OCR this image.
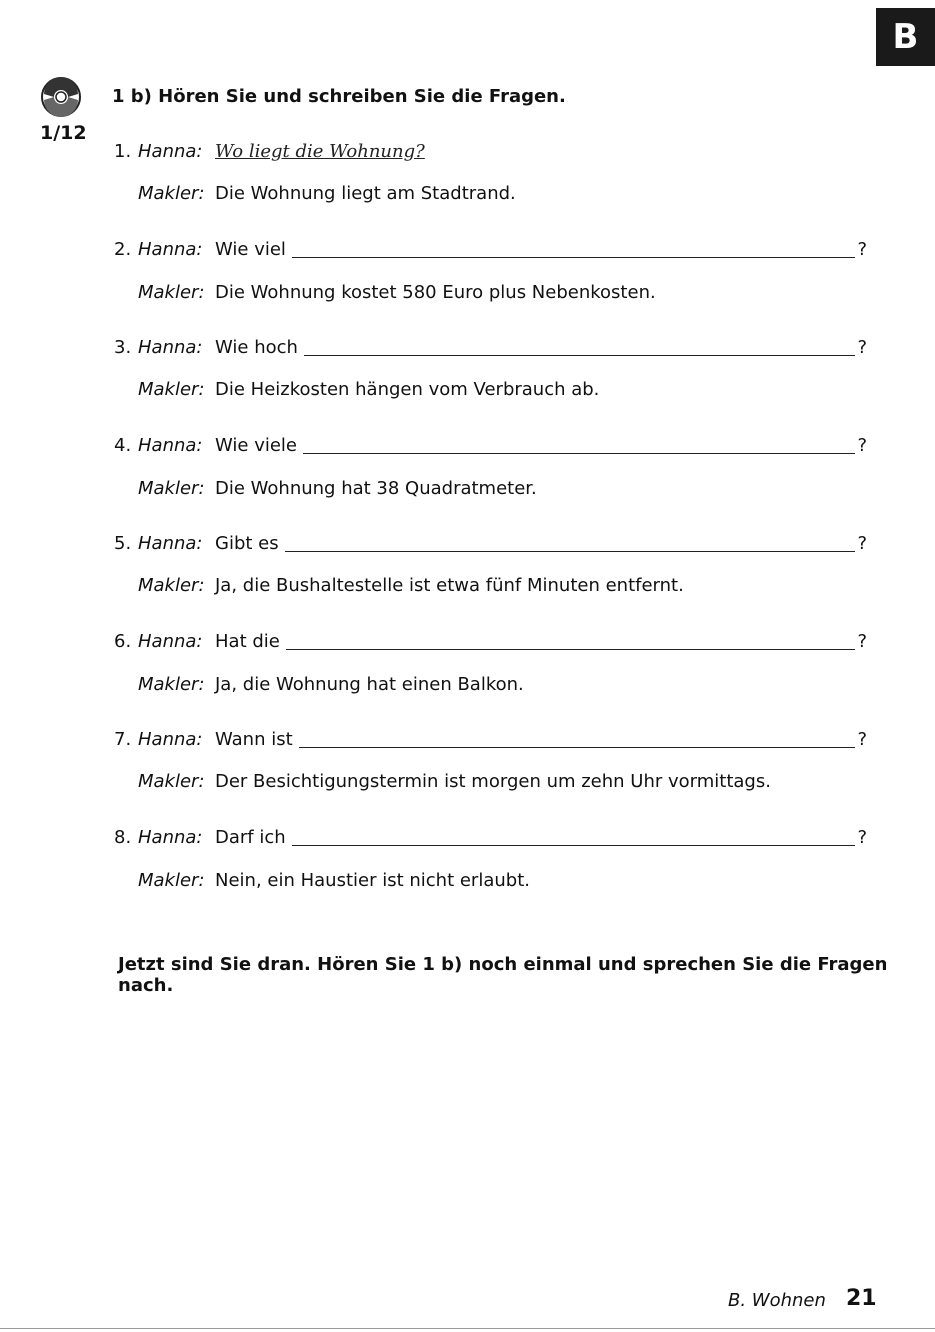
B
1/12
1 b) Hören Sie und schreiben Sie die Fragen.
1. Hanna: Wo liegt die Wohnung?
Makler: Die Wohnung liegt am Stadtrand.
2. Hanna: Wie viel	?
Makler: Die Wohnung kostet 580 Euro plus Nebenkosten.
3. Hanna: Wie hoch	?
Makler: Die Heizkosten hängen vom Verbrauch ab.
4. Hanna: Wie viele	?
Makler: Die Wohnung hat 38 Quadratmeter.
5. Hanna: Gibt es	?
Makler: Ja, die Bushaltestelle ist etwa fünf Minuten entfernt.
6. Hanna: Hat die	?
Makler: Ja, die Wohnung hat einen Balkon.
7. Hanna: Wann ist	?
Makler: Der Besichtigungstermin ist morgen um zehn Uhr vormittags.
8. Hanna: Darf ich	?
Makler: Nein, ein Haustier ist nicht erlaubt.
Jetzt sind Sie dran. Hören Sie 1 b) noch einmal und sprechen Sie die Fragen nach.
B. Wohnen 21
